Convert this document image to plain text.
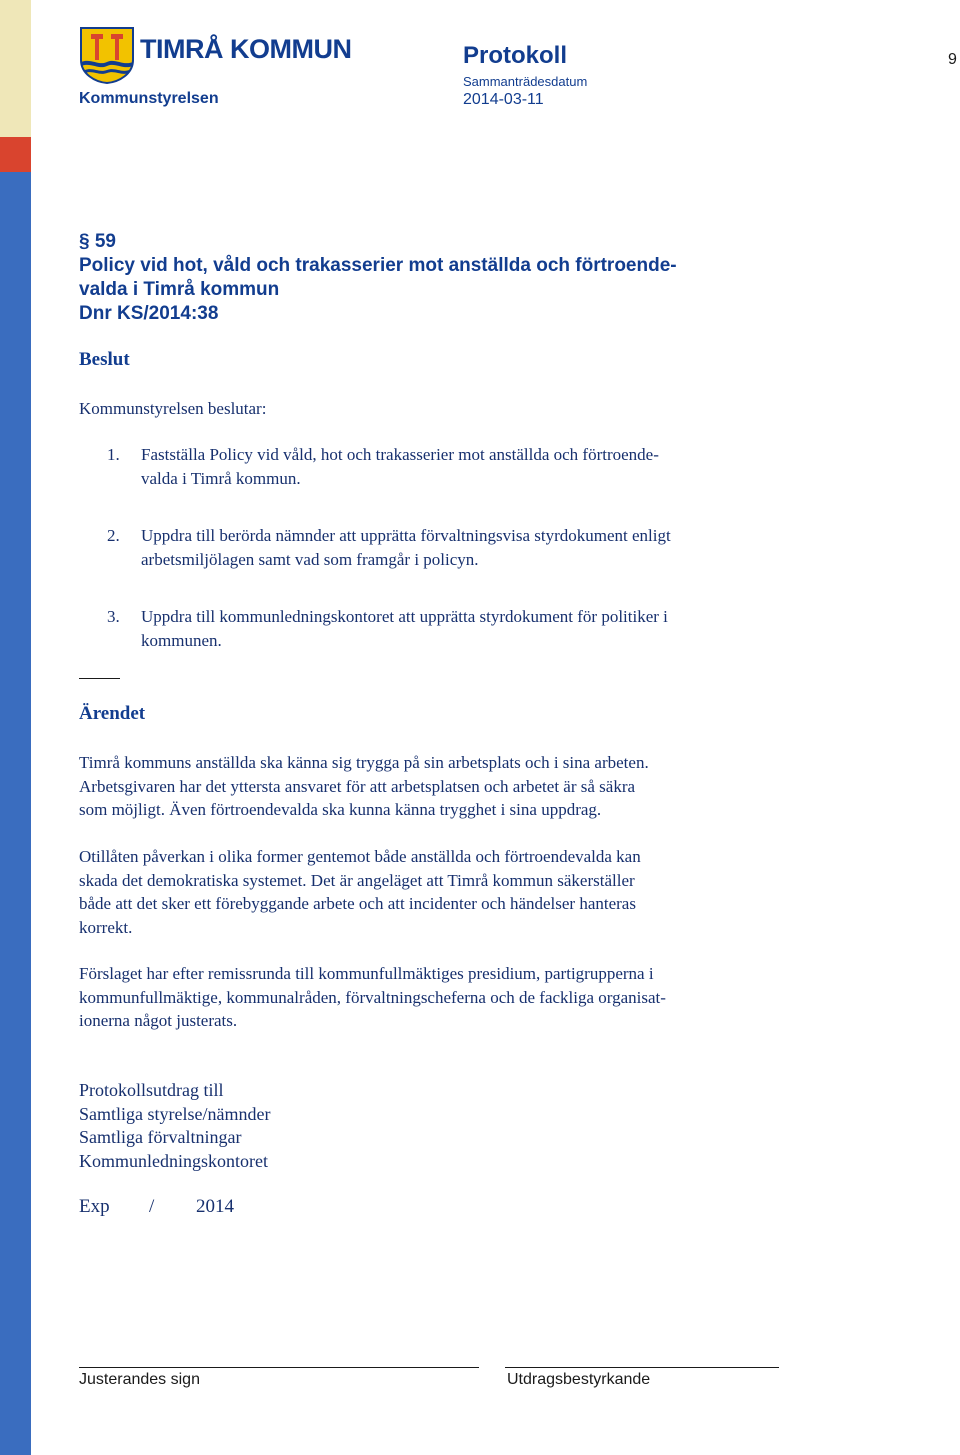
TIMRÅ KOMMUN
Kommunstyrelsen
Protokoll
Sammanträdesdatum
2014-03-11
9
§ 59
Policy vid hot, våld och trakasserier mot anställda och förtroende-
valda i Timrå kommun
Dnr KS/2014:38
Beslut
Kommunstyrelsen beslutar:
1.	Fastställa Policy vid våld, hot och trakasserier mot anställda och förtroende-
valda i Timrå kommun.
2.	Uppdra till berörda nämnder att upprätta förvaltningsvisa styrdokument enligt
arbetsmiljölagen samt vad som framgår i policyn.
3.	Uppdra till kommunledningskontoret att upprätta styrdokument för politiker i
kommunen.
Ärendet
Timrå kommuns anställda ska känna sig trygga på sin arbetsplats och i sina arbeten.
Arbetsgivaren har det yttersta ansvaret för att arbetsplatsen och arbetet är så säkra
som möjligt. Även förtroendevalda ska kunna känna trygghet i sina uppdrag.
Otillåten påverkan i olika former gentemot både anställda och förtroendevalda kan
skada det demokratiska systemet. Det är angeläget att Timrå kommun säkerställer
både att det sker ett förebyggande arbete och att incidenter och händelser hanteras
korrekt.
Förslaget har efter remissrunda till kommunfullmäktiges presidium, partigrupperna i
kommunfullmäktige, kommunalråden, förvaltningscheferna och de fackliga organisat-
ionerna något justerats.
Protokollsutdrag till
Samtliga styrelse/nämnder
Samtliga förvaltningar
Kommunledningskontoret
Exp / 2014
Justerandes sign	Utdragsbestyrkande
